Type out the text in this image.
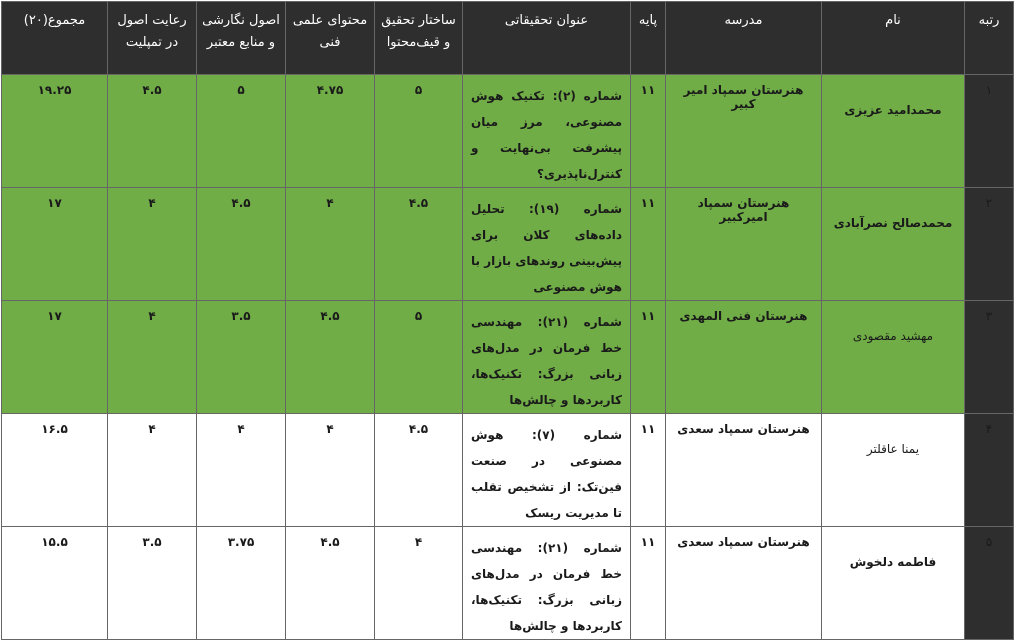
رتبه	نام	مدرسه	پایه	عنوان تحقیقاتی	ساختار تحقیق و قیف‌محتوا	محتوای علمی فنی	اصول نگارشی و منابع معتبر	رعایت اصول در تمپلیت	مجموع(۲۰)
۱	محمدامید عزیزی	هنرستان سمپاد امیر کبیر	۱۱	شماره (۲): تکنیک هوش مصنوعی، مرز میان پیشرفت بی‌نهایت و کنترل‌ناپذیری؟	۵	۴.۷۵	۵	۴.۵	۱۹.۲۵
۲	محمدصالح نصرآبادی	هنرستان سمپاد امیرکبیر	۱۱	شماره (۱۹): تحلیل داده‌های کلان برای پیش‌بینی روندهای بازار با هوش مصنوعی	۴.۵	۴	۴.۵	۴	۱۷
۳	مهشید مقصودی	هنرستان فنی المهدی	۱۱	شماره (۲۱): مهندسی خط فرمان در مدل‌های زبانی بزرگ: تکنیک‌ها، کاربردها و چالش‌ها	۵	۴.۵	۳.۵	۴	۱۷
۴	یمنا عاقلتر	هنرستان سمپاد سعدی	۱۱	شماره (۷): هوش مصنوعی در صنعت فین‌تک: از تشخیص تقلب تا مدیریت ریسک	۴.۵	۴	۴	۴	۱۶.۵
۵	فاطمه دلخوش	هنرستان سمپاد سعدی	۱۱	شماره (۲۱): مهندسی خط فرمان در مدل‌های زبانی بزرگ: تکنیک‌ها، کاربردها و چالش‌ها	۴	۴.۵	۳.۷۵	۳.۵	۱۵.۵
